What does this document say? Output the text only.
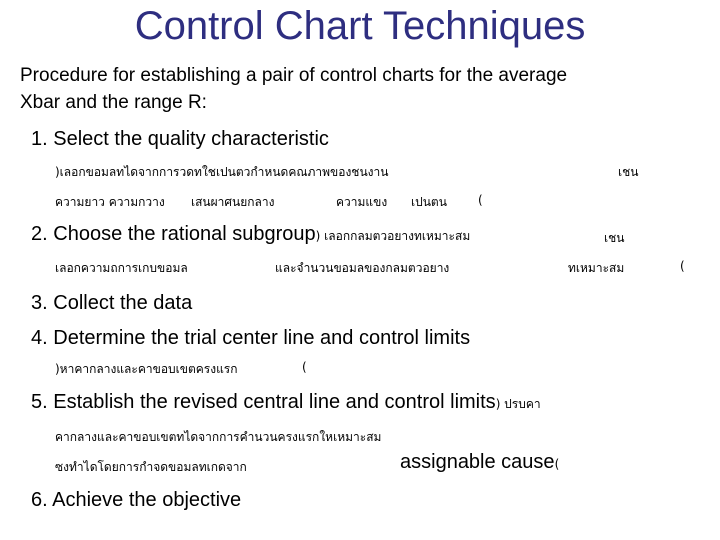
Control Chart Techniques
Procedure for establishing a pair of control charts for the average
Xbar and the range R:
1. Select the quality characteristic
)เลอกขอมลทไดจากการวดทใชเปนตวกำหนดคณภาพของชนงาน	เชน
ความยาว ความกวาง เสนผาศนยกลาง	ความแขง เปนตน	(
2. Choose the rational subgroup) เลอกกลมตวอยางทเหมาะสม	เชน
เลอกความถการเกบขอมล	และจำนวนขอมลของกลมตวอยาง	ทเหมาะสม	(
3. Collect the data
4. Determine the trial center line and control limits
)หาคากลางและคาขอบเขตครงแรก	(
5. Establish the revised central line and control limits) ปรบคา
คากลางและคาขอบเขตทไดจากการคำนวนครงแรกใหเหมาะสม
ซงทำไดโดยการกำจดขอมลทเกดจาก	assignable cause(
6. Achieve the objective
